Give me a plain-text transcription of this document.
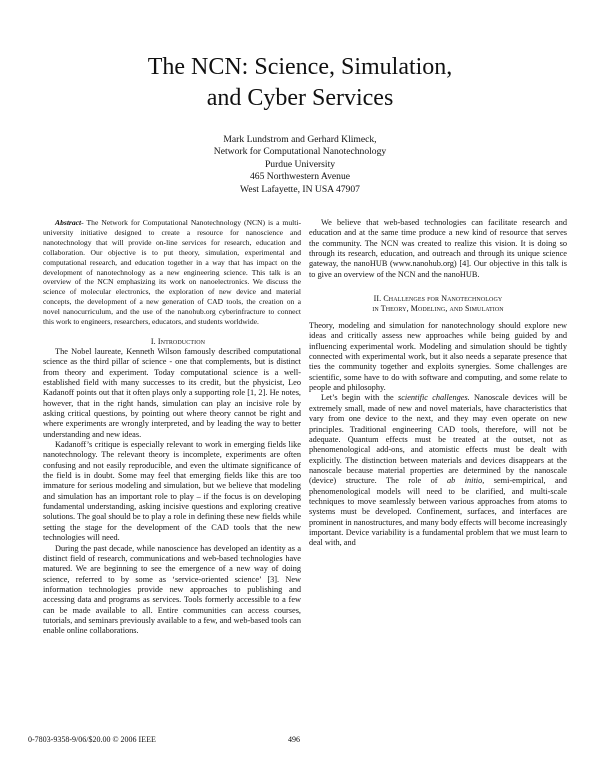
The NCN: Science, Simulation,
and Cyber Services
Mark Lundstrom and Gerhard Klimeck,
Network for Computational Nanotechnology
Purdue University
465 Northwestern Avenue
West Lafayette, IN USA 47907

Abstract- The Network for Computational Nanotechnology (NCN) is a multi-university initiative designed to create a resource for nanoscience and nanotechnology that will provide on-line services for research, education and collaboration. Our objective is to put theory, simulation, experimental and computational research, and education together in a way that has impact on the development of nanotechnology as a new engineering science. This talk is an overview of the NCN emphasizing its work on nanoelectronics. We discuss the science of molecular electronics, the exploration of new device and material concepts, the development of a new generation of CAD tools, the creation on a novel nanocurriculum, and the use of the nanohub.org cyberinfracture to connect this work to engineers, researchers, educators, and students worldwide.

I. Introduction

The Nobel laureate, Kenneth Wilson famously described computational science as the third pillar of science - one that complements, but is distinct from theory and experiment. Today computational science is a well-established field with many successes to its credit, but the physicist, Leo Kadanoff points out that it often plays only a supporting role [1, 2]. He notes, however, that in the right hands, simulation can play an incisive role by asking critical questions, by pointing out where theory cannot be right and where experiments are wrongly interpreted, and by leading the way to better understanding and new ideas.

Kadanoff’s critique is especially relevant to work in emerging fields like nanotechnology. The relevant theory is incomplete, experiments are often confusing and not easily reproducible, and even the ultimate significance of the field is in doubt. Some may feel that emerging fields like this are too immature for serious modeling and simulation, but we believe that modeling and simulation has an important role to play – if the focus is on developing fundamental understanding, asking incisive questions and exploring creative solutions. The goal should be to play a role in defining these new fields while setting the stage for the development of the CAD tools that the new technologies will need.

During the past decade, while nanoscience has developed an identity as a distinct field of research, communications and web-based technologies have matured. We are beginning to see the emergence of a new way of doing science, referred to by some as ‘service-oriented science’ [3]. New information technologies provide new approaches to publishing and accessing data and programs as services. Tools formerly accessible to a few can be made available to all. Entire communities can access courses, tutorials, and seminars previously available to a few, and web-based tools can enable online collaborations.

We believe that web-based technologies can facilitate research and education and at the same time produce a new kind of resource that serves the community. The NCN was created to realize this vision. It is doing so through its research, education, and outreach and through its unique science gateway, the nanoHUB (www.nanohub.org) [4]. Our objective in this talk is to give an overview of the NCN and the nanoHUB.

II. Challenges for Nanotechnology
in Theory, Modeling, and Simulation

Theory, modeling and simulation for nanotechnology should explore new ideas and critically assess new approaches while being guided by and influencing experimental work. Modeling and simulation should be tightly connected with experimental work, but it also needs a separate presence that ties the community together and exploits synergies. Some challenges are scientific, some have to do with software and computing, and some relate to people and philosophy.

Let’s begin with the scientific challenges. Nanoscale devices will be extremely small, made of new and novel materials, have characteristics that vary from one device to the next, and they may even operate on new principles. Traditional engineering CAD tools, therefore, will not be adequate. Quantum effects must be treated at the outset, not as phenomenological add-ons, and atomistic effects must be dealt with explicitly. The distinction between materials and devices disappears at the nanoscale because material properties are determined by the nanoscale (device) structure. The role of ab initio, semi-empirical, and phenomenological models will need to be clarified, and multi-scale techniques to move seamlessly between various approaches from atoms to systems must be developed. Confinement, surfaces, and interfaces are prominent in nanostructures, and many body effects will become increasingly important. Device variability is a fundamental problem that we must learn to deal with, and

0-7803-9358-9/06/$20.00 © 2006 IEEE	496
